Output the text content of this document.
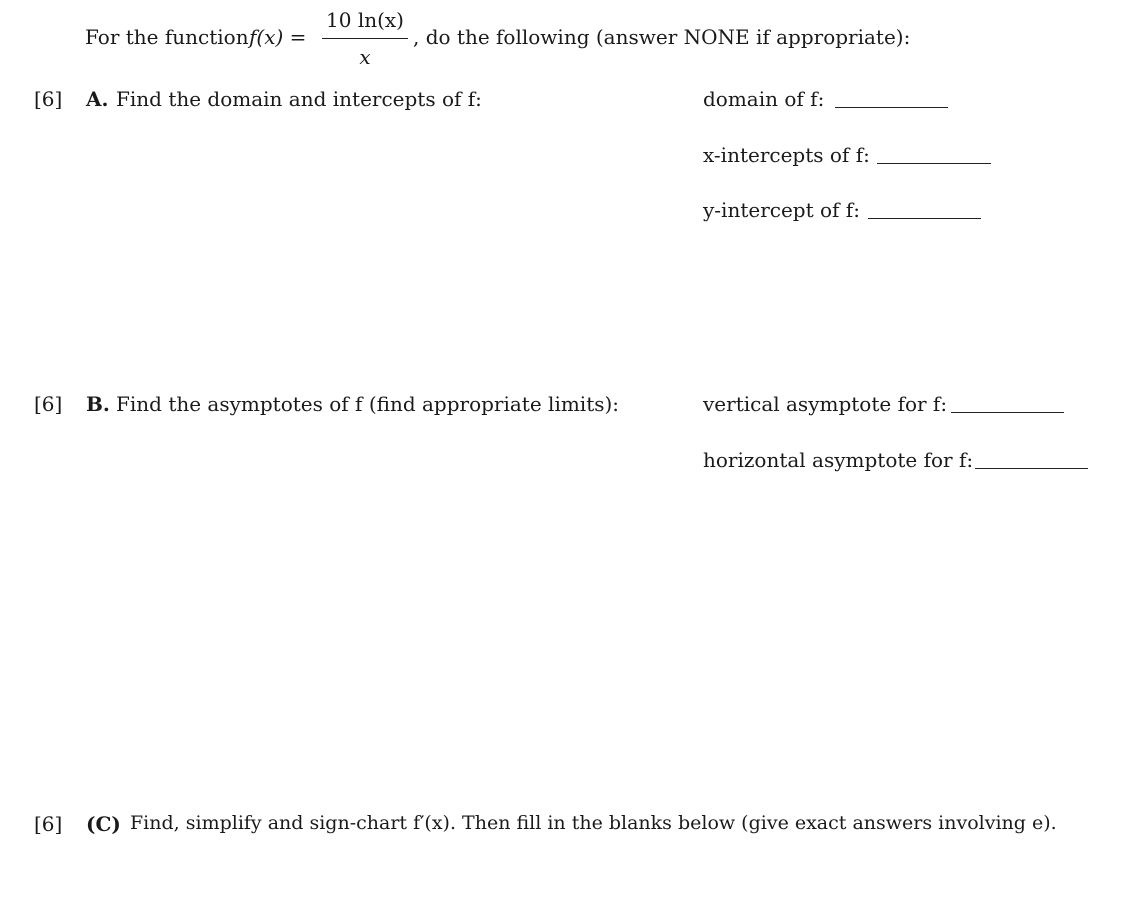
For the function f(x) =
10 ln(x)
x
, do the following (answer NONE if appropriate):
[6] A. Find the domain and intercepts of f:	domain of f:
x-intercepts of f:
y-intercept of f:
[6] B. Find the asymptotes of f (find appropriate limits):	vertical asymptote for f:
horizontal asymptote for f:
[6] (C) Find, simplify and sign-chart f′(x). Then fill in the blanks below (give exact answers involving e).
